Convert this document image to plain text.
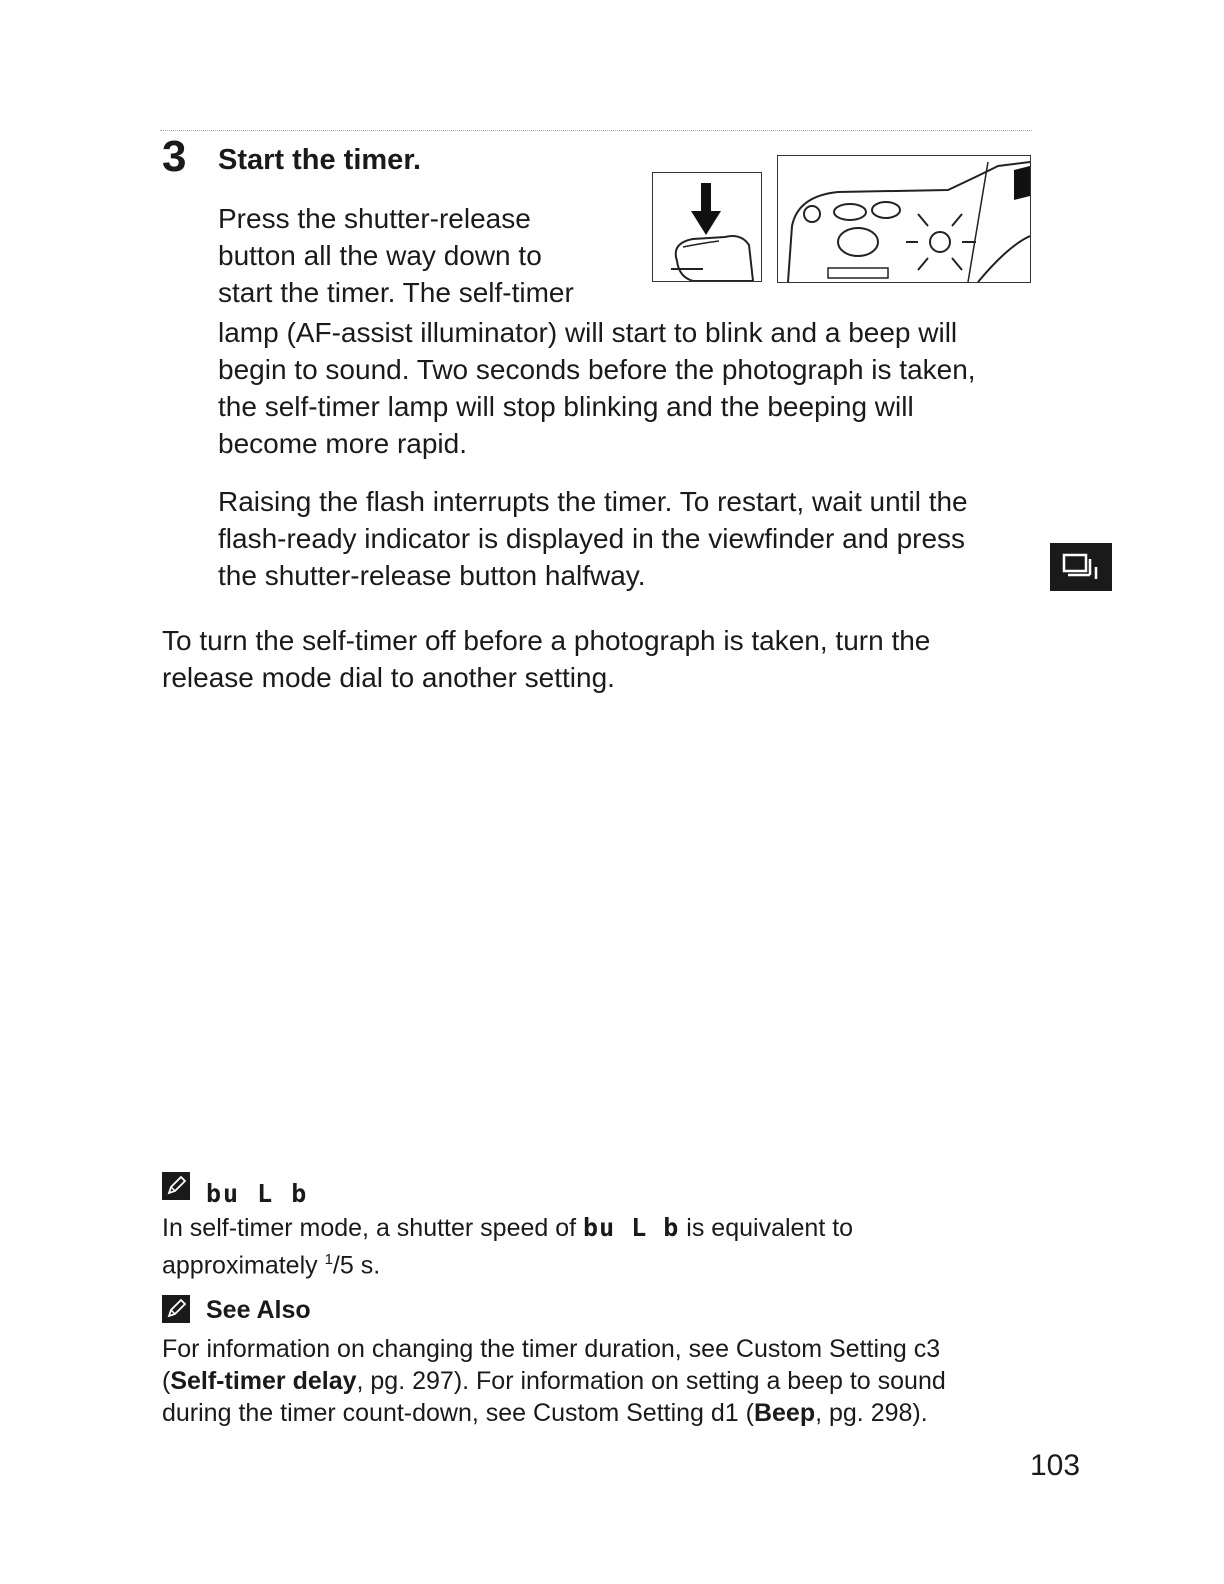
3 Start the timer.
Press the shutter-release
button all the way down to
start the timer. The self-timer
lamp (AF-assist illuminator) will start to blink and a beep will
begin to sound. Two seconds before the photograph is taken,
the self-timer lamp will stop blinking and the beeping will
become more rapid.
Raising the flash interrupts the timer. To restart, wait until the
flash-ready indicator is displayed in the viewfinder and press
the shutter-release button halfway.
To turn the self-timer off before a photograph is taken, turn the
release mode dial to another setting.
bu L b
In self-timer mode, a shutter speed of bu L b is equivalent to
approximately $^1$/5 s.
See Also
For information on changing the timer duration, see Custom Setting c3
(Self-timer delay, pg. 297). For information on setting a beep to sound
during the timer count-down, see Custom Setting d1 (Beep, pg. 298).
103
